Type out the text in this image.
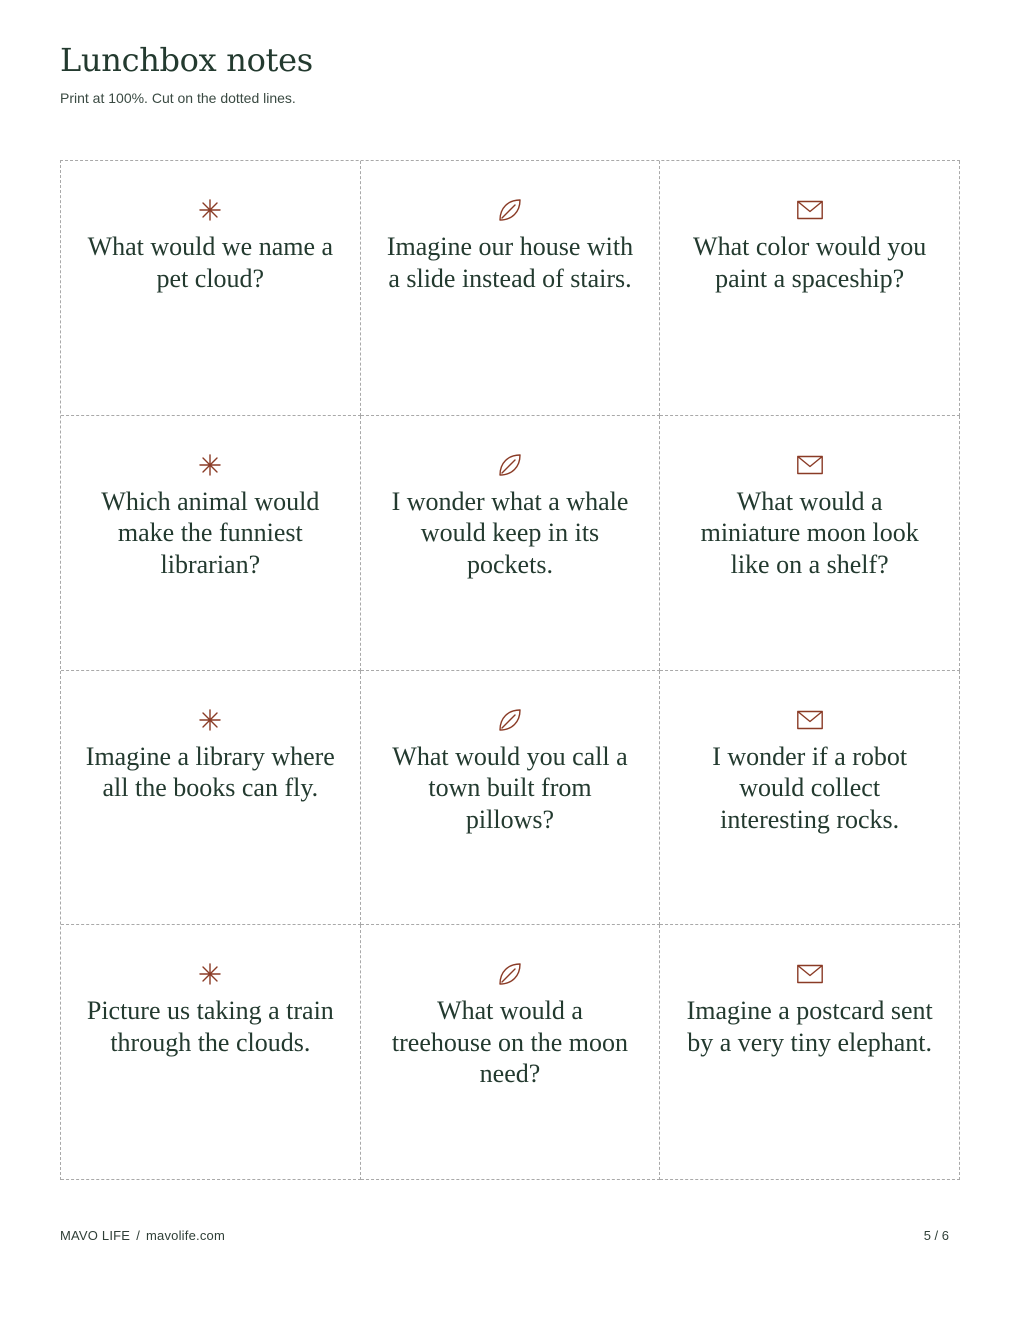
Lunchbox notes
Print at 100%. Cut on the dotted lines.
What would we name a pet cloud?
Imagine our house with a slide instead of stairs.
What color would you paint a spaceship?
Which animal would make the funniest librarian?
I wonder what a whale would keep in its pockets.
What would a miniature moon look like on a shelf?
Imagine a library where all the books can fly.
What would you call a town built from pillows?
I wonder if a robot would collect interesting rocks.
Picture us taking a train through the clouds.
What would a treehouse on the moon need?
Imagine a postcard sent by a very tiny elephant.
MAVO LIFE / mavolife.com	5 / 6
